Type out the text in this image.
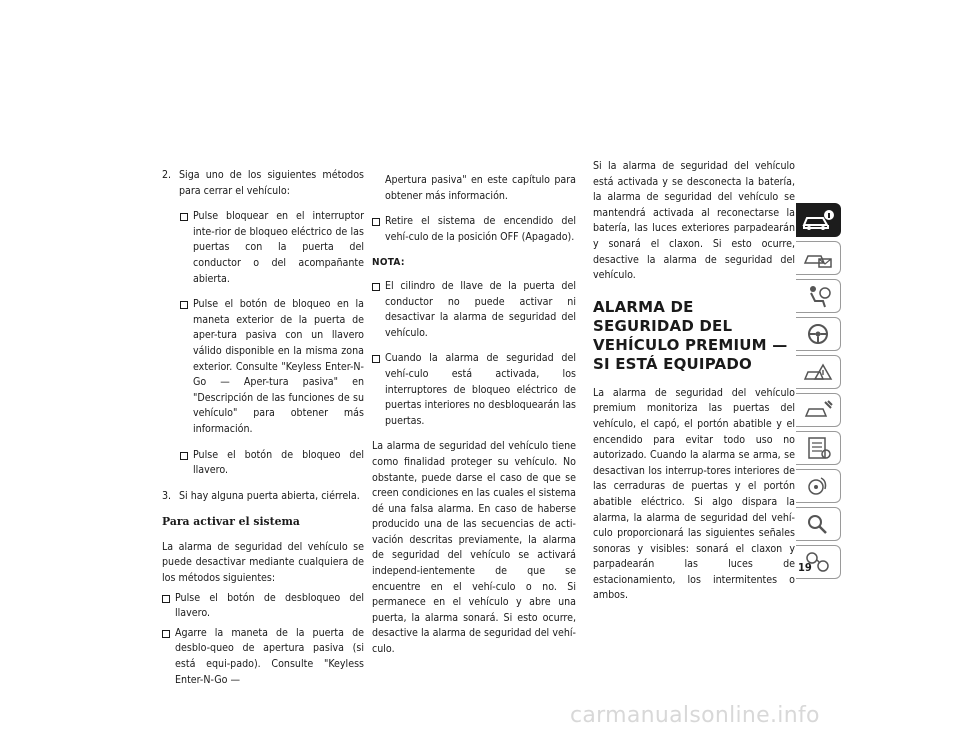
2. Siga uno de los siguientes métodos para cerrar el vehículo:

Pulse bloquear en el interruptor inte-rior de bloqueo eléctrico de las puertas con la puerta del conductor o del acompañante abierta.
Pulse el botón de bloqueo en la maneta exterior de la puerta de aper-tura pasiva con un llavero válido disponible en la misma zona exterior. Consulte "Keyless Enter-N-Go — Aper-tura pasiva" en "Descripción de las funciones de su vehículo" para obtener más información.
Pulse el botón de bloqueo del llavero.

3. Si hay alguna puerta abierta, ciérrela.

Para activar el sistema

La alarma de seguridad del vehículo se puede desactivar mediante cualquiera de los métodos siguientes:

Pulse el botón de desbloqueo del llavero.
Agarre la maneta de la puerta de desblo-queo de apertura pasiva (si está equi-pado). Consulte "Keyless Enter-N-Go —

Apertura pasiva" en este capítulo para obtener más información.

Retire el sistema de encendido del vehí-culo de la posición OFF (Apagado).
NOTA:
El cilindro de llave de la puerta del conductor no puede activar ni desactivar la alarma de seguridad del vehículo.
Cuando la alarma de seguridad del vehí-culo está activada, los interruptores de bloqueo eléctrico de puertas interiores no desbloquearán las puertas.

La alarma de seguridad del vehículo tiene como finalidad proteger su vehículo. No obstante, puede darse el caso de que se creen condiciones en las cuales el sistema dé una falsa alarma. En caso de haberse producido una de las secuencias de acti-vación descritas previamente, la alarma de seguridad del vehículo se activará independ-ientemente de que se encuentre en el vehí-culo o no. Si permanece en el vehículo y abre una puerta, la alarma sonará. Si esto ocurre, desactive la alarma de seguridad del vehí-culo.

Si la alarma de seguridad del vehículo está activada y se desconecta la batería, la alarma de seguridad del vehículo se mantendrá activada al reconectarse la batería, las luces exteriores parpadearán y sonará el claxon. Si esto ocurre, desactive la alarma de seguridad del vehículo.

ALARMA DE SEGURIDAD DEL VEHÍCULO PREMIUM — SI ESTÁ EQUIPADO

La alarma de seguridad del vehículo premium monitoriza las puertas del vehículo, el capó, el portón abatible y el encendido para evitar todo uso no autorizado. Cuando la alarma se arma, se desactivan los interrup-tores interiores de las cerraduras de puertas y el portón abatible eléctrico. Si algo dispara la alarma, la alarma de seguridad del vehí-culo proporcionará las siguientes señales sonoras y visibles: sonará el claxon y parpadearán las luces de estacionamiento, los intermitentes o ambos.

19
carmanualsonline.info
